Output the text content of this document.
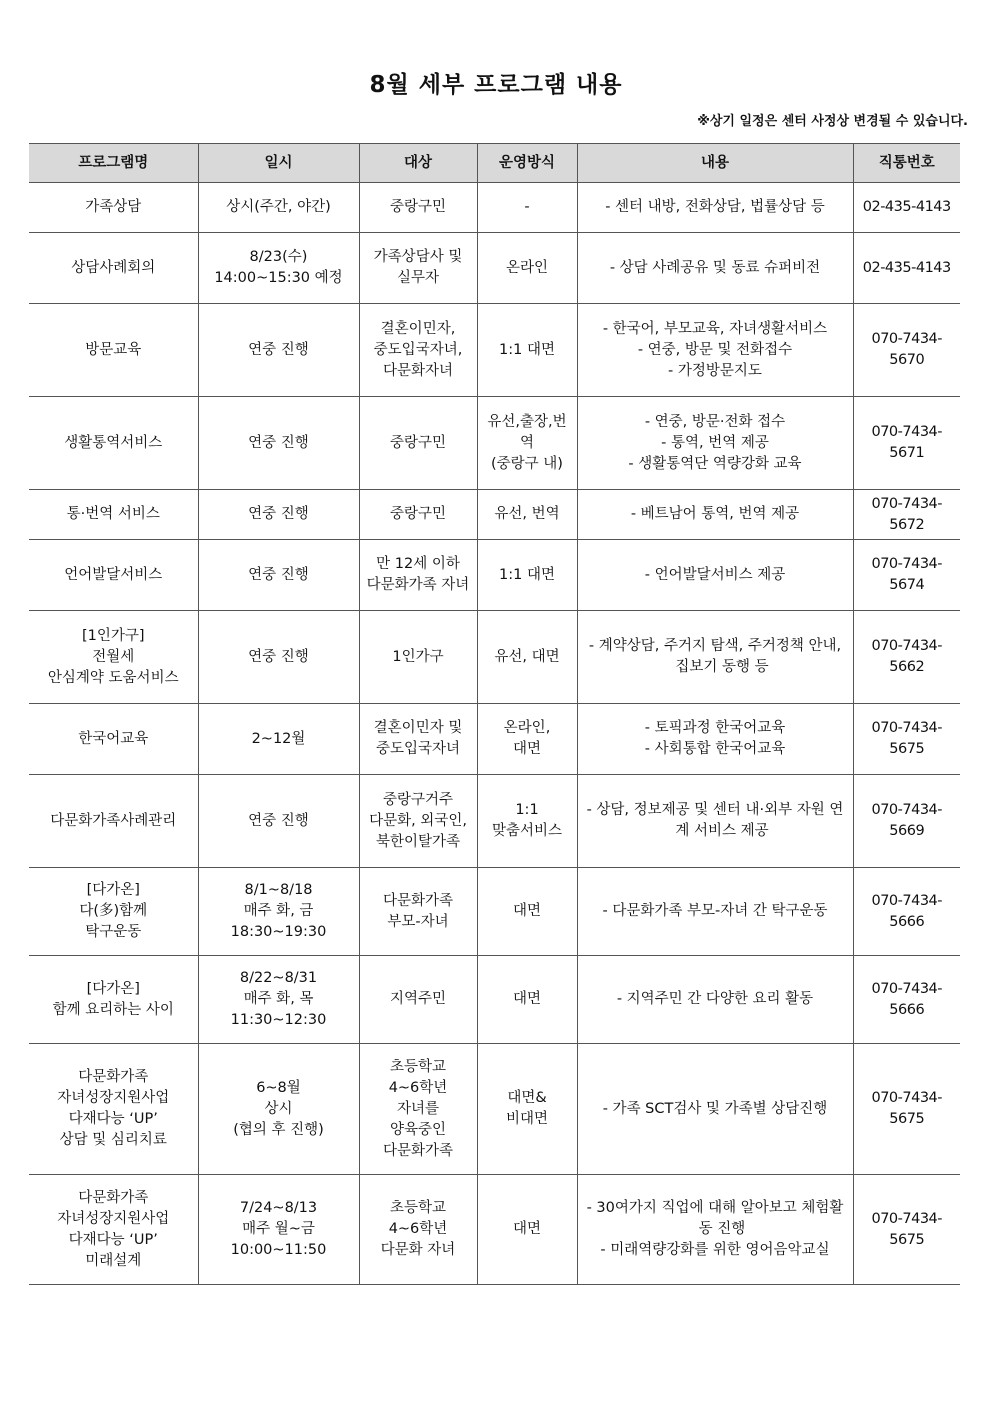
8월 세부 프로그램 내용
※상기 일정은 센터 사정상 변경될 수 있습니다.
프로그램명	일시	대상	운영방식	내용	직통번호

가족상담	상시(주간, 야간)	중랑구민	-	- 센터 내방, 전화상담, 법률상담 등	02-435-4143

상담사례회의	8/23(수)
14:00~15:30 예정	가족상담사 및
실무자	온라인	- 상담 사례공유 및 동료 슈퍼비전	02-435-4143

방문교육	연중 진행	결혼이민자,
중도입국자녀,
다문화자녀	1:1 대면	- 한국어, 부모교육, 자녀생활서비스
- 연중, 방문 및 전화접수
- 가정방문지도	070-7434-5670

생활통역서비스	연중 진행	중랑구민	유선,출장,번역
(중랑구 내)	- 연중, 방문·전화 접수
- 통역, 번역 제공
- 생활통역단 역량강화 교육	070-7434-5671

통·번역 서비스	연중 진행	중랑구민	유선, 번역	- 베트남어 통역, 번역 제공	070-7434-5672

언어발달서비스	연중 진행	만 12세 이하
다문화가족 자녀	1:1 대면	- 언어발달서비스 제공	070-7434-5674

[1인가구]
전월세
안심계약 도움서비스	연중 진행	1인가구	유선, 대면	- 계약상담, 주거지 탐색, 주거정책 안내, 집보기 동행 등	070-7434-5662

한국어교육	2~12월	결혼이민자 및
중도입국자녀	온라인,
대면	- 토픽과정 한국어교육
- 사회통합 한국어교육	070-7434-5675

다문화가족사례관리	연중 진행	중랑구거주
다문화, 외국인,
북한이탈가족	1:1
맞춤서비스	- 상담, 정보제공 및 센터 내·외부 자원 연계 서비스 제공	070-7434-5669

[다가온]
다(多)함께
탁구운동	8/1~8/18
매주 화, 금
18:30~19:30	다문화가족
부모-자녀	대면	- 다문화가족 부모-자녀 간 탁구운동	070-7434-5666

[다가온]
함께 요리하는 사이	8/22~8/31
매주 화, 목
11:30~12:30	지역주민	대면	- 지역주민 간 다양한 요리 활동	070-7434-5666

다문화가족
자녀성장지원사업
다재다능 ‘UP’
상담 및 심리치료	6~8월
상시
(협의 후 진행)	초등학교
4~6학년
자녀를
양육중인
다문화가족	대면&
비대면	- 가족 SCT검사 및 가족별 상담진행	070-7434-5675

다문화가족
자녀성장지원사업
다재다능 ‘UP’
미래설계	7/24~8/13
매주 월~금
10:00~11:50	초등학교
4~6학년
다문화 자녀	대면	- 30여가지 직업에 대해 알아보고 체험활동 진행
- 미래역량강화를 위한 영어음악교실	070-7434-5675
